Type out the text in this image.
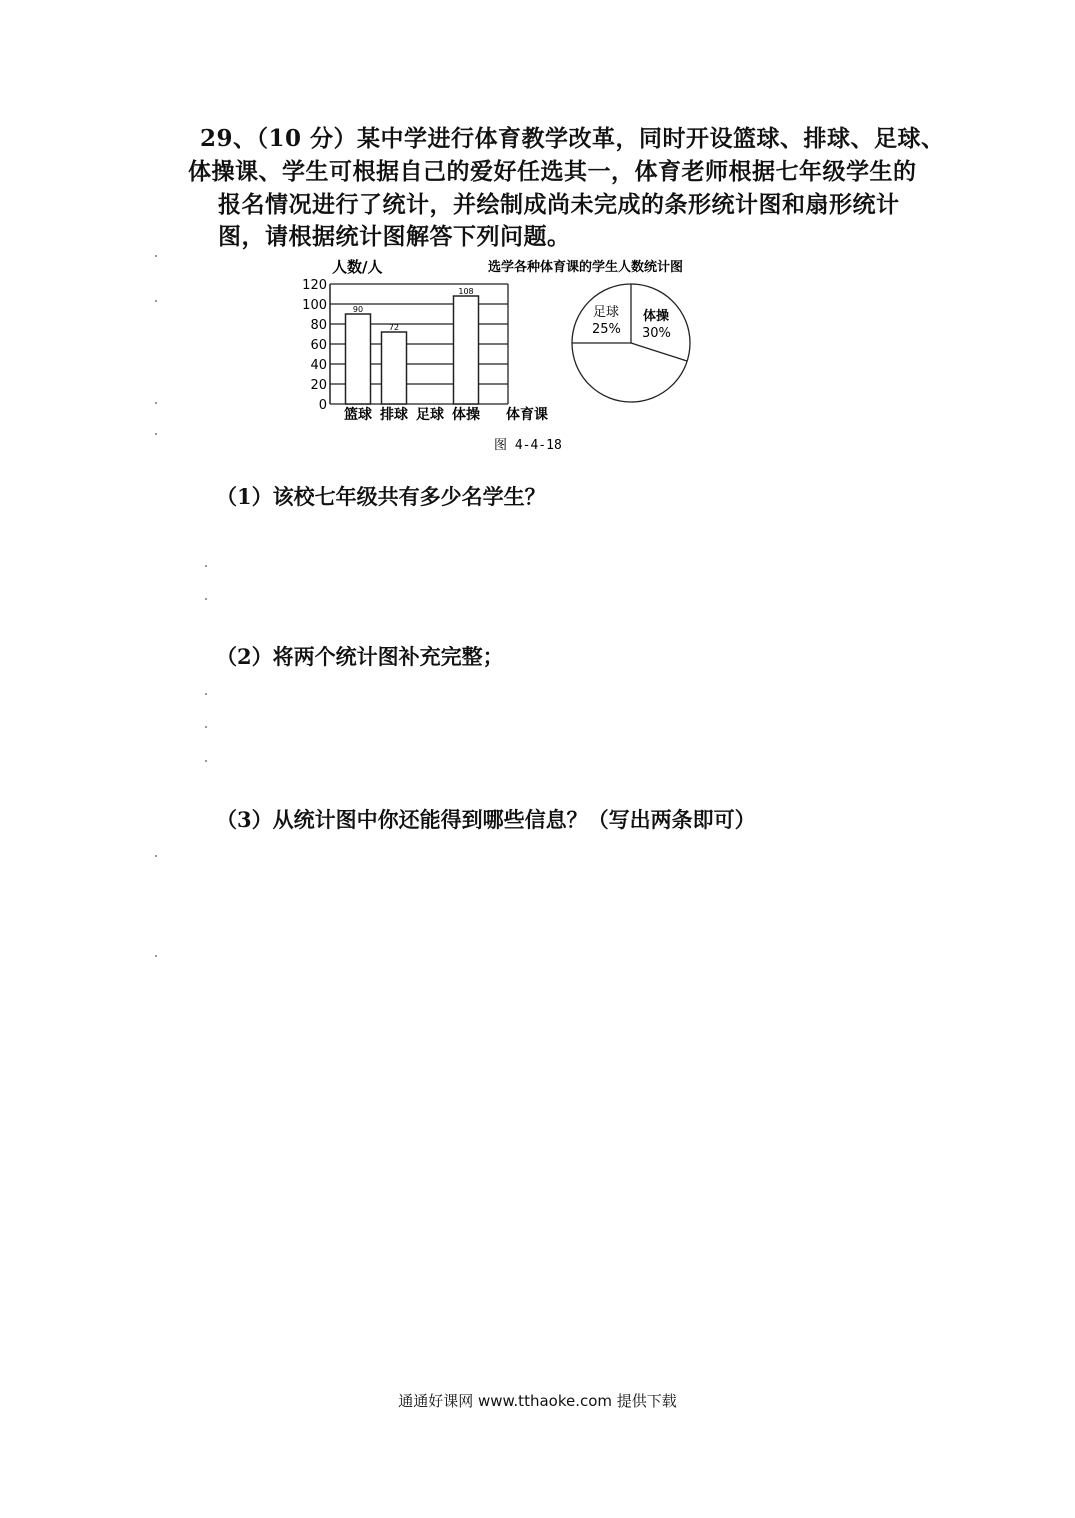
29、（10 分）某中学进行体育教学改革，同时开设篮球、排球、足球、
体操课、学生可根据自己的爱好任选其一，体育老师根据七年级学生的
报名情况进行了统计，并绘制成尚未完成的条形统计图和扇形统计
图，请根据统计图解答下列问题。
人数/人
0
20
40
60
80
100
120
90
72
108
篮球 排球 足球 体操 体育课
选学各种体育课的学生人数统计图
足球
25%
体操
30%
图 4-4-18
（1）该校七年级共有多少名学生？
（2）将两个统计图补充完整；
（3）从统计图中你还能得到哪些信息？（写出两条即可）
通通好课网 www.tthaoke.com 提供下载
